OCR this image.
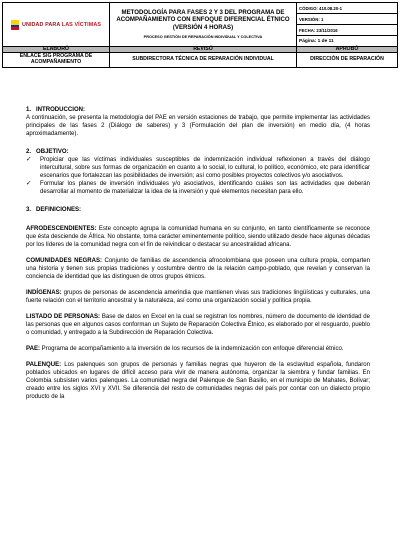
UNIDAD PARA LAS VÍCTIMAS	METODOLOGÍA PARA FASES 2 Y 3 DEL PROGRAMA DE ACOMPAÑAMIENTO CON ENFOQUE DIFERENCIAL ÉTNICO (VERSIÓN 4 HORAS)
PROCESO GESTIÓN DE REPARACIÓN INDIVIDUAL Y COLECTIVA	CÓDIGO: 410.08.20-1
		VERSIÓN: 1
		FECHA: 23/11/2016
		Página: 1 de 11
ELABORÓ	REVISÓ	APROBÓ
ENLACE SIG PROGRAMA DE ACOMPAÑAMIENTO	SUBDIRECTORA TÉCNICA DE REPARACIÓN INDIVIDUAL	DIRECCIÓN DE REPARACIÓN
1. INTRODUCCION:

A continuación, se presenta la metodología del PAE en versión estaciones de trabajo, que permite implementar las actividades principales de las fases 2 (Diálogo de saberes) y 3 (Formulación del plan de inversión) en medio día, (4 horas aproximadamente).

2. OBJETIVO:
✓ Propiciar que las víctimas individuales susceptibles de indemnización individual reflexionen a través del diálogo intercultural, sobre sus formas de organización en cuanto a lo social, lo cultural, lo político, económico, etc para identificar escenarios que fortalezcan las posibilidades de inversión; así como posibles proyectos colectivos y/o asociativos.
✓ Formular los planes de inversión individuales y/o asociativos, identificando cuáles son las actividades que deberán desarrollar al momento de materializar la idea de la inversión y qué elementos necesitan para ello.
3. DEFINICIONES:

AFRODESCENDIENTES: Este concepto agrupa la comunidad humana en su conjunto, en tanto científicamente se reconoce que ésta desciende de África. No obstante, toma carácter eminentemente político, siendo utilizado desde hace algunas décadas por los líderes de la comunidad negra con el fin de reivindicar o destacar su ancestralidad africana.

COMUNIDADES NEGRAS: Conjunto de familias de ascendencia afrocolombiana que poseen una cultura propia, comparten una historia y tienen sus propias tradiciones y costumbre dentro de la relación campo-poblado, que revelan y conservan la conciencia de identidad que las distinguen de otros grupos étnicos.

INDÍGENAS: grupos de personas de ascendencia amerindia que mantienen vivas sus tradiciones lingüísticas y culturales, una fuerte relación con el territorio ancestral y la naturaleza, así como una organización social y política propia.

LISTADO DE PERSONAS: Base de datos en Excel en la cual se registran los nombres, número de documento de identidad de las personas que en algunos casos conforman un Sujeto de Reparación Colectiva Étnico, es elaborado por el resguardo, pueblo o comunidad, y entregado a la Subdirección de Reparación Colectiva.

PAE: Programa de acompañamiento a la inversión de los recursos de la indemnización con enfoque diferencial étnico.

PALENQUE: Los palenques son grupos de personas y familias negras que huyeron de la esclavitud española, fundaron poblados ubicados en lugares de difícil acceso para vivir de manera autónoma, organizar la siembra y fundar familias. En Colombia subsisten varios palenques. La comunidad negra del Palenque de San Basilio, en el municipio de Mahates, Bolívar; creado entre los siglos XVI y XVII. Se diferencia del resto de comunidades negras del país por contar con un dialecto propio producto de la
